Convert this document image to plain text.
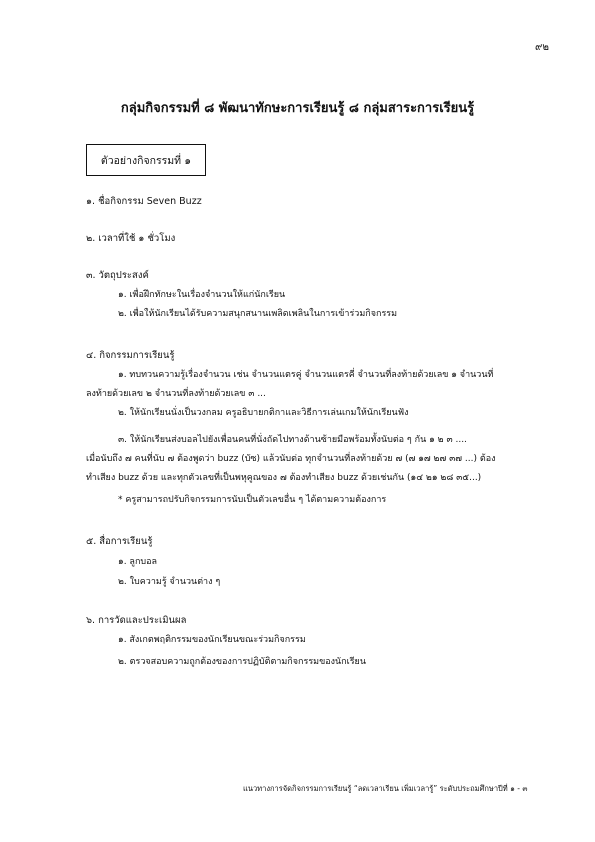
๙๒
กลุ่มกิจกรรมที่ ๘ พัฒนาทักษะการเรียนรู้ ๘ กลุ่มสาระการเรียนรู้
ตัวอย่างกิจกรรมที่ ๑
๑. ชื่อกิจกรรม Seven Buzz
๒. เวลาที่ใช้ ๑ ชั่วโมง
๓. วัตถุประสงค์
๑. เพื่อฝึกทักษะในเรื่องจำนวนให้แก่นักเรียน
๒. เพื่อให้นักเรียนได้รับความสนุกสนานเพลิดเพลินในการเข้าร่วมกิจกรรม
๔. กิจกรรมการเรียนรู้
๑. ทบทวนความรู้เรื่องจำนวน เช่น จำนวนแตรคู่ จำนวนแตรคี่ จำนวนที่ลงท้ายด้วยเลข ๑ จำนวนที่
ลงท้ายด้วยเลข ๒ จำนวนที่ลงท้ายด้วยเลข ๓ ...
๒. ให้นักเรียนนั่งเป็นวงกลม ครูอธิบายกติกาและวิธีการเล่นเกมให้นักเรียนฟัง
๓. ให้นักเรียนส่งบอลไปยังเพื่อนคนที่นั่งถัดไปทางด้านซ้ายมือพร้อมทั้งนับต่อ ๆ กัน ๑ ๒ ๓ ....
เมื่อนับถึง ๗ คนที่นับ ๗ ต้องพูดว่า buzz (บัซ) แล้วนับต่อ ทุกจำนวนที่ลงท้ายด้วย ๗ (๗ ๑๗ ๒๗ ๓๗ ...) ต้อง
ทำเสียง buzz ด้วย และทุกตัวเลขที่เป็นพหุคูณของ ๗ ต้องทำเสียง buzz ด้วยเช่นกัน (๑๔ ๒๑ ๒๘ ๓๕...)
* ครูสามารถปรับกิจกรรมการนับเป็นตัวเลขอื่น ๆ ได้ตามความต้องการ
๕. สื่อการเรียนรู้
๑. ลูกบอล
๒. ใบความรู้ จำนวนต่าง ๆ
๖. การวัดและประเมินผล
๑. สังเกตพฤติกรรมของนักเรียนขณะร่วมกิจกรรม
๒. ตรวจสอบความถูกต้องของการปฏิบัติตามกิจกรรมของนักเรียน
แนวทางการจัดกิจกรรมการเรียนรู้ “ลดเวลาเรียน เพิ่มเวลารู้” ระดับประถมศึกษาปีที่ ๑ - ๓
